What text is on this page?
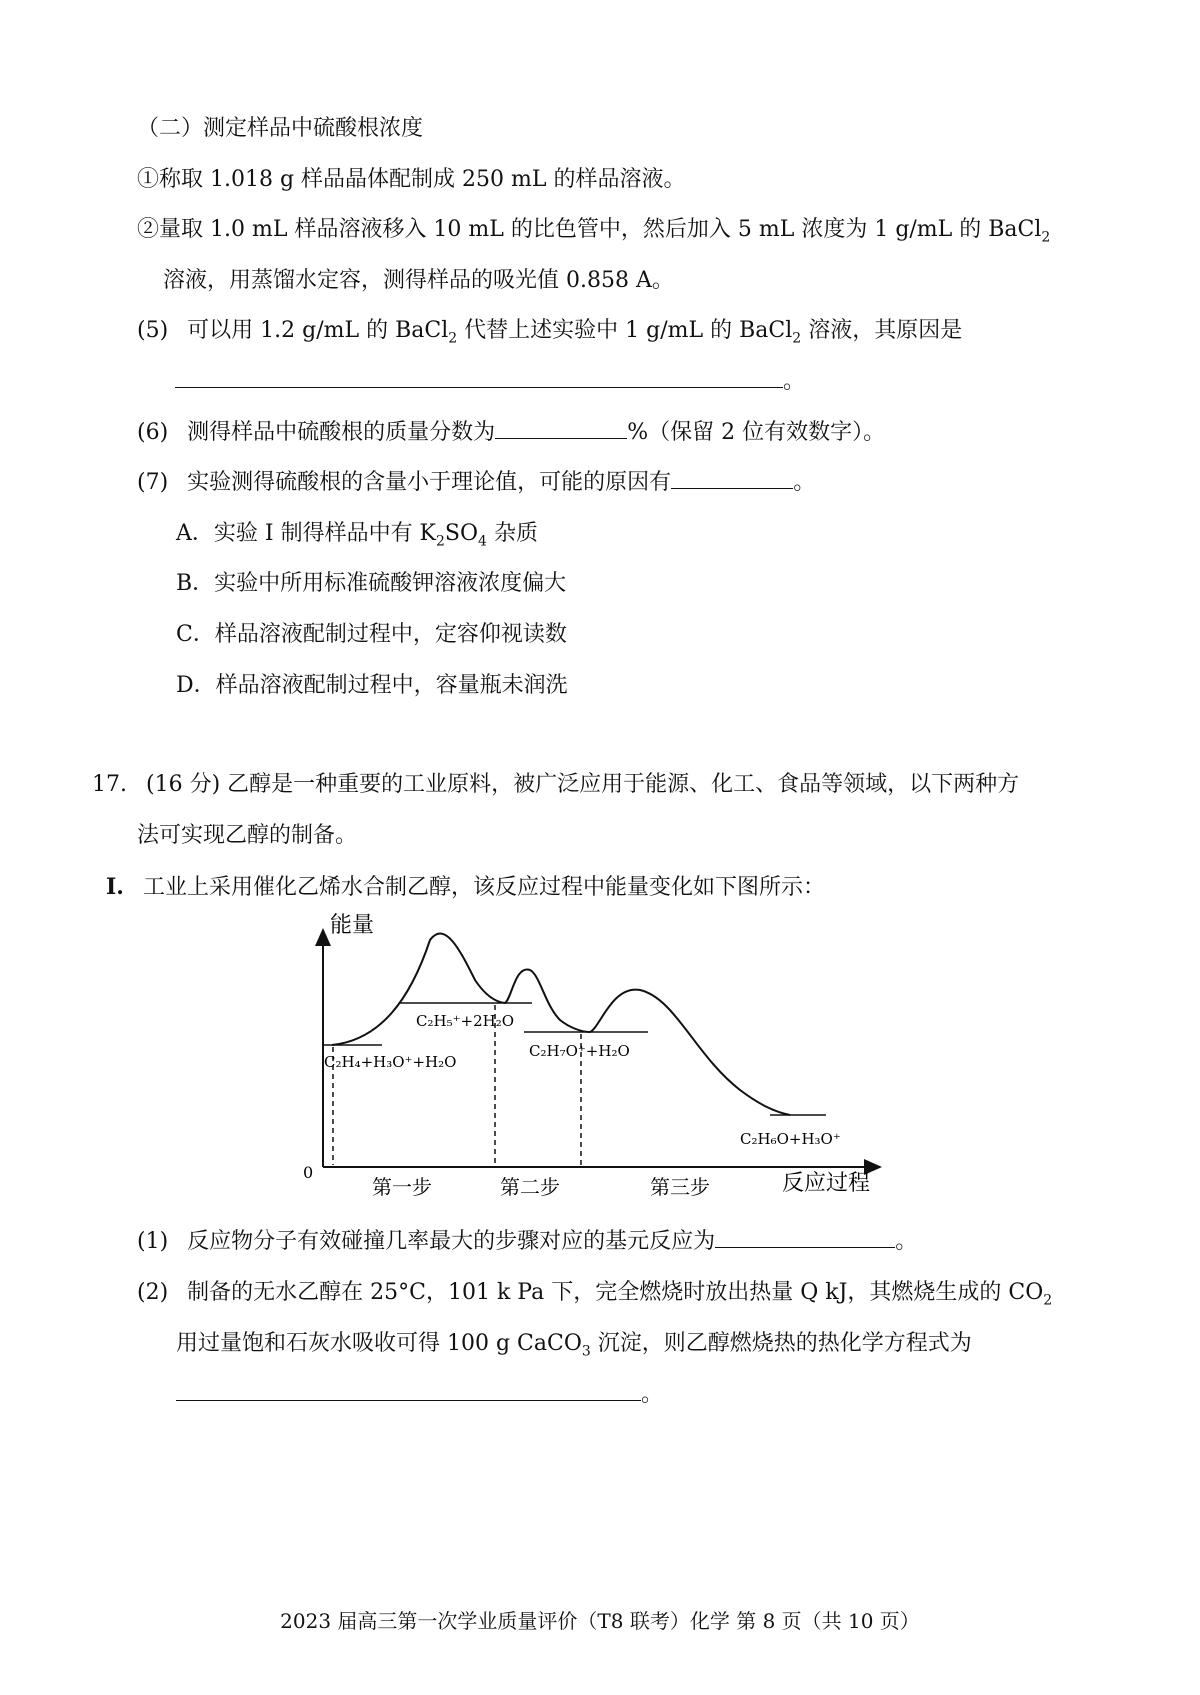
（二）测定样品中硫酸根浓度
①称取 1.018 g 样品晶体配制成 250 mL 的样品溶液。
②量取 1.0 mL 样品溶液移入 10 mL 的比色管中，然后加入 5 mL 浓度为 1 g/mL 的 BaCl$_2$
溶液，用蒸馏水定容，测得样品的吸光值 0.858 A。
(5) 可以用 1.2 g/mL 的 BaCl$_2$ 代替上述实验中 1 g/mL 的 BaCl$_2$ 溶液，其原因是
。
(6) 测得样品中硫酸根的质量分数为	%（保留 2 位有效数字）。
(7) 实验测得硫酸根的含量小于理论值，可能的原因有	。
A．实验 I 制得样品中有 $K_2SO_4$ 杂质
B．实验中所用标准硫酸钾溶液浓度偏大
C．样品溶液配制过程中，定容仰视读数
D．样品溶液配制过程中，容量瓶未润洗
17. (16 分) 乙醇是一种重要的工业原料，被广泛应用于能源、化工、食品等领域，以下两种方
法可实现乙醇的制备。
I. 工业上采用催化乙烯水合制乙醇，该反应过程中能量变化如下图所示：
能量
0	反应过程
C₂H₄+H₃O⁺+H₂O
C₂H₅⁺+2H₂O
C₂H₇O⁺+H₂O
C₂H₆O+H₃O⁺
第一步	第二步	第三步
(1) 反应物分子有效碰撞几率最大的步骤对应的基元反应为	。
(2) 制备的无水乙醇在 25°C，101 k Pa 下，完全燃烧时放出热量 Q kJ，其燃烧生成的 $CO_2$
用过量饱和石灰水吸收可得 100 g CaCO$_3$ 沉淀，则乙醇燃烧热的热化学方程式为
。
2023 届高三第一次学业质量评价（T8 联考）化学 第 8 页（共 10 页）
